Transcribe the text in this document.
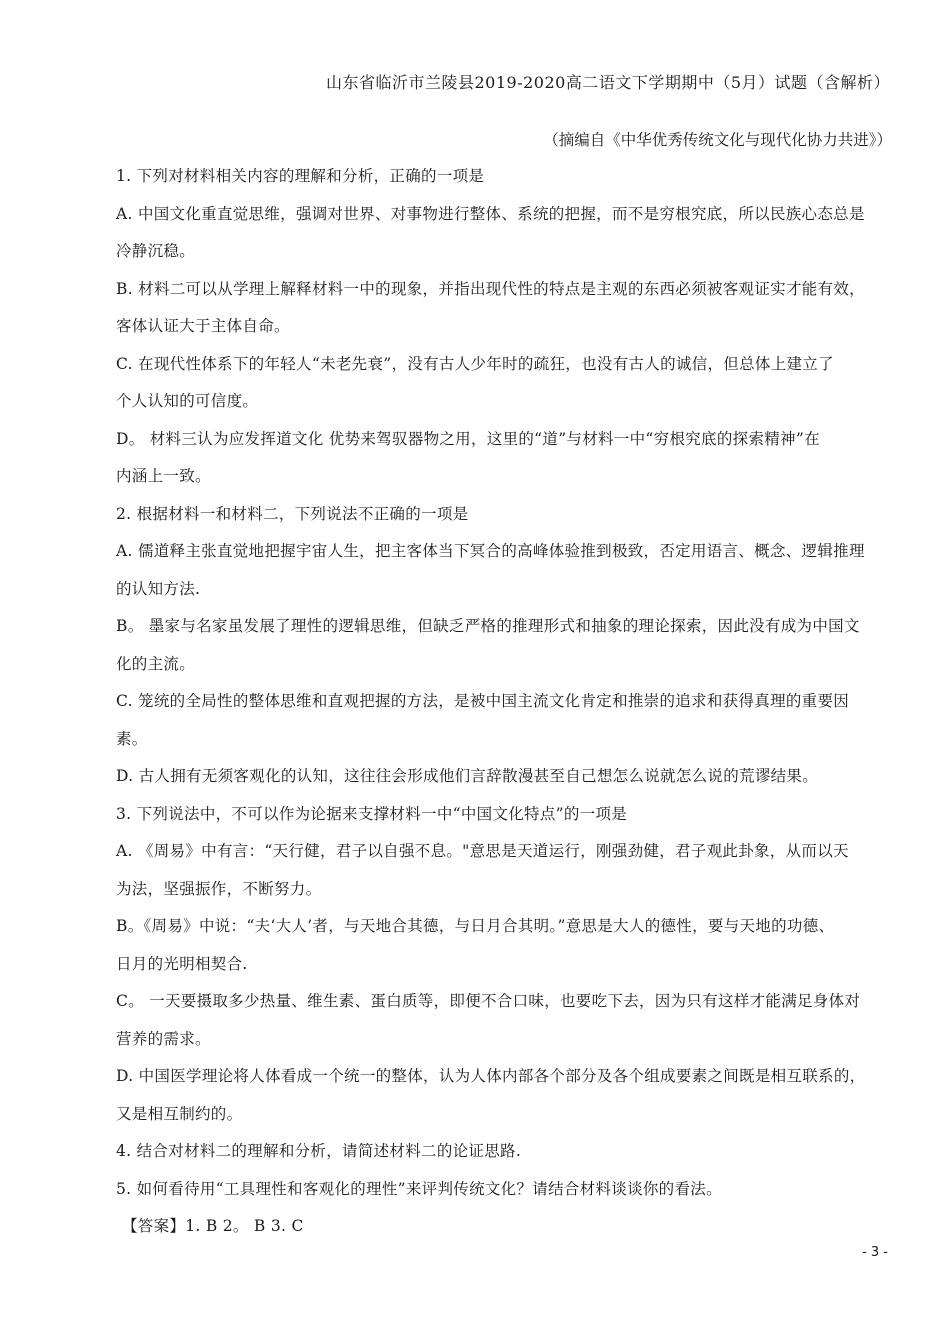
山东省临沂市兰陵县2019-2020高二语文下学期期中（5月）试题（含解析）
（摘编自《中华优秀传统文化与现代化协力共进》）
1. 下列对材料相关内容的理解和分析，正确的一项是
A. 中国文化重直觉思维，强调对世界、对事物进行整体、系统的把握，而不是穷根究底，所以民族心态总是
冷静沉稳。
B. 材料二可以从学理上解释材料一中的现象，并指出现代性的特点是主观的东西必须被客观证实才能有效，
客体认证大于主体自命。
C. 在现代性体系下的年轻人“未老先衰”，没有古人少年时的疏狂，也没有古人的诚信，但总体上建立了
个人认知的可信度。
D。 材料三认为应发挥道文化 优势来驾驭器物之用，这里的“道”与材料一中“穷根究底的探索精神”在
内涵上一致。
2. 根据材料一和材料二，下列说法不正确的一项是
A. 儒道释主张直觉地把握宇宙人生，把主客体当下冥合的高峰体验推到极致，否定用语言、概念、逻辑推理
的认知方法.
B。 墨家与名家虽发展了理性的逻辑思维，但缺乏严格的推理形式和抽象的理论探索，因此没有成为中国文
化的主流。
C. 笼统的全局性的整体思维和直观把握的方法，是被中国主流文化肯定和推崇的追求和获得真理的重要因
素。
D. 古人拥有无须客观化的认知，这往往会形成他们言辞散漫甚至自己想怎么说就怎么说的荒谬结果。
3. 下列说法中，不可以作为论据来支撑材料一中“中国文化特点”的一项是
A. 《周易》中有言：“天行健，君子以自强不息。"意思是天道运行，刚强劲健，君子观此卦象，从而以天
为法，坚强振作，不断努力。
B。《周易》中说：“夫‘大人’者，与天地合其德，与日月合其明。”意思是大人的德性，要与天地的功德、
日月的光明相契合.
C。 一天要摄取多少热量、维生素、蛋白质等，即便不合口味，也要吃下去，因为只有这样才能满足身体对
营养的需求。
D. 中国医学理论将人体看成一个统一的整体，认为人体内部各个部分及各个组成要素之间既是相互联系的，
又是相互制约的。
4. 结合对材料二的理解和分析，请简述材料二的论证思路.
5. 如何看待用“工具理性和客观化的理性”来评判传统文化？请结合材料谈谈你的看法。
【答案】1. B 2。 B 3. C
- 3 -
